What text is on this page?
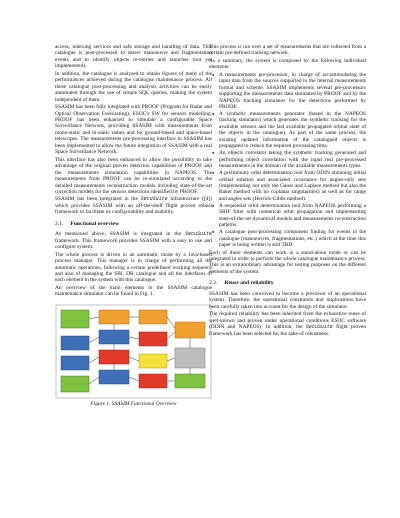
access, indexing services and safe storage and handling of data. This catalogue is post-processed to detect manoeuvre and fragmentation events and to identify objects re-entries and launches (not yet implemented).

In addition, the catalogue is analysed to obtain figures of merit of the performances achieved during the catalogue maintenance process. All these catalogue post-processing and analysis activities can be easily automated through the use of simple SQL queries, making the system independent of them.

SSASIM has been fully integrated with PROOF (Program for Radar and Optical Observation Forecasting), ESOC's SW for sensors modelling. PROOF has been enhanced to simulate a configurable Space Surveillance Network, providing SSASIM with measurements from mono-static and bi-static radars and for ground-based and space-based telescopes. The measurements pre-processing interface in SSASIM has been implemented to allow the future integration of SSASIM with a real Space Surveillance Network.

This interface has also been enhanced to allow the possibility to take advantage of the original proven detection capabilities of PROOF and the measurements simulation capabilities in NAPEOS. The measurements from PROOF can be re-simulated according to the detailed measurements reconstruction models including state-of-the-art correction models for the sensors detections identified by PROOF.

SSASIM has been integrated in the SecuSuite infrastructure ([4]) which provides SSASIM with an off-the-shelf flight proven robust framework to facilitate its configurability and usability.

2.1. Functional overview

As mentioned above, SSASIM is integrated in the SecuSuite framework. This framework provides SSASIM with a easy to use and configure system.

The whole process is driven in an automatic mode by a Java-based process manager. This manager is in charge of performing all the automatic operations, following a certain predefined working sequence and also of managing the SBI, DB catalogue and all the interfaces of each element in the system with this catalogue.

An overview of the main elements in the SSASIM catalogue maintenance simulator can be found in Fig. 1.

Figure 1. SSASIM Functional Overview

This process is run over a set of measurements that are collected from a certain pre-defined tracking network.

As a summary, the system is composed by the following individual elements:

● A measurements pre-processor, in charge of accommodating the input data from the sources supported to the internal measurements format and scheme. SSASIM implements several pre-processors supporting the measurements data simulated by PROOF and by the NAPEOS tracking simulator for the detections performed by PROOF.
● A synthetic measurements generator (based in the NAPEOS tracking simulator) which generates the synthetic tracking for the available sensors and the last available propagated orbital state of the objects in the catalogue). As part of the same process, the existing updated information of the catalogued objects is propagated to reduce the required processing time.
● An objects correlator taking the synthetic tracking generated and performing object correlation with the input real pre-processed measurements in the domain of the available measurements types.
● A preliminary orbit determination tool from ODIN obtaining initial orbital solution and associated covariance for angles-only sets (implementing not only the Gauss and Laplace method but also the Baker method with no coplanar singularities) as well as for range and angles sets (Herrick-Gibbs method).
● A sequential orbit determination tool from NAPEOS performing a SRIF filter with numerical orbit propagation and implementing state-of-the-art dynamical models and measurements reconstruction patterns.
● A catalogue post-processing component finding for events in the catalogue (manoeuvres, fragmentations, etc.) which at the time this paper is being written is still TBD.

Each of these elements can work in a stand-alone mode or can be integrated in order to perform the whole catalogue maintenance process. This is an extraordinary advantage for testing purposes on the different elements of the system.

2.2. Reuse and reliability

SSASIM has been conceived to become a precursor of an operational system. Therefore, the operational constraints and implications have been carefully taken into account for the design of the simulator.

The required reliability has been inherited from the exhaustive reuse of well-known and proven under operational conditions ESOC software (ODIN and NAPEOS). In addition, the SecuSuite flight proven framework has been selected for the sake of robustness.
